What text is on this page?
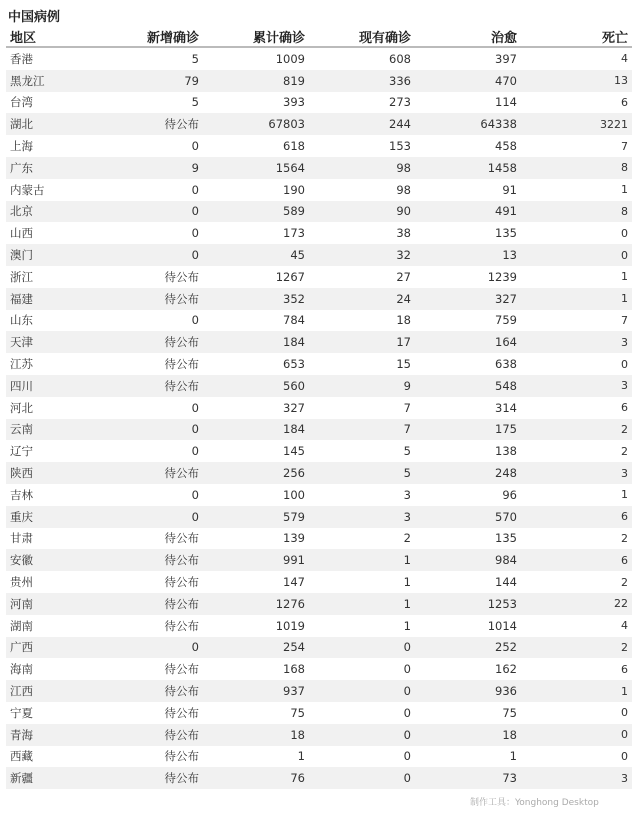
中国病例
地区	新增确诊	累计确诊	现有确诊	治愈	死亡
香港	5	1009	608	397	4
黑龙江	79	819	336	470	13
台湾	5	393	273	114	6
湖北	待公布	67803	244	64338	3221
上海	0	618	153	458	7
广东	9	1564	98	1458	8
内蒙古	0	190	98	91	1
北京	0	589	90	491	8
山西	0	173	38	135	0
澳门	0	45	32	13	0
浙江	待公布	1267	27	1239	1
福建	待公布	352	24	327	1
山东	0	784	18	759	7
天津	待公布	184	17	164	3
江苏	待公布	653	15	638	0
四川	待公布	560	9	548	3
河北	0	327	7	314	6
云南	0	184	7	175	2
辽宁	0	145	5	138	2
陕西	待公布	256	5	248	3
吉林	0	100	3	96	1
重庆	0	579	3	570	6
甘肃	待公布	139	2	135	2
安徽	待公布	991	1	984	6
贵州	待公布	147	1	144	2
河南	待公布	1276	1	1253	22
湖南	待公布	1019	1	1014	4
广西	0	254	0	252	2
海南	待公布	168	0	162	6
江西	待公布	937	0	936	1
宁夏	待公布	75	0	75	0
青海	待公布	18	0	18	0
西藏	待公布	1	0	1	0
新疆	待公布	76	0	73	3
制作工具：Yonghong Desktop
